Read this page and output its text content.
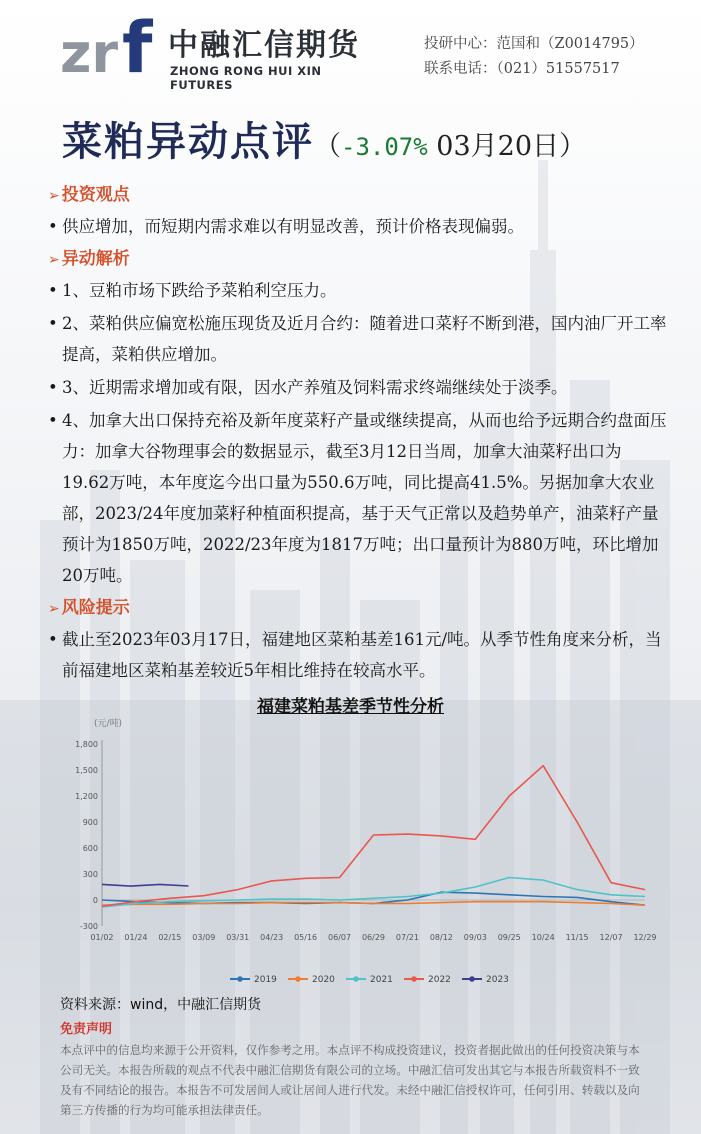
zr f 中融汇信期货
ZHONG RONG HUI XIN FUTURES
投研中心：范国和（Z0014795）
联系电话：（021）51557517
菜粕异动点评（-3.07% 03月20日）
➢ 投资观点
• 供应增加，而短期内需求难以有明显改善，预计价格表现偏弱。
➢ 异动解析
• 1、豆粕市场下跌给予菜粕利空压力。
• 2、菜粕供应偏宽松施压现货及近月合约：随着进口菜籽不断到港，国内油厂开工率提高，菜粕供应增加。
• 3、近期需求增加或有限，因水产养殖及饲料需求终端继续处于淡季。
• 4、加拿大出口保持充裕及新年度菜籽产量或继续提高，从而也给予远期合约盘面压力：加拿大谷物理事会的数据显示，截至3月12日当周，加拿大油菜籽出口为19.62万吨，本年度迄今出口量为550.6万吨，同比提高41.5%。另据加拿大农业部，2023/24年度加菜籽种植面积提高，基于天气正常以及趋势单产，油菜籽产量预计为1850万吨，2022/23年度为1817万吨；出口量预计为880万吨，环比增加20万吨。
➢ 风险提示
• 截止至2023年03月17日，福建地区菜粕基差161元/吨。从季节性角度来分析，当前福建地区菜粕基差较近5年相比维持在较高水平。
福建菜粕基差季节性分析
(元/吨)
1,800
1,500
1,200
900
600
300
0
-300
01/02 01/24 02/15 03/09 03/31 04/23 05/16 06/07 06/29 07/21 08/12 09/03 09/25 10/24 11/15 12/07 12/29
2019	2020	2021	2022	2023
资料来源：wind，中融汇信期货
免责声明
本点评中的信息均来源于公开资料，仅作参考之用。本点评不构成投资建议，投资者据此做出的任何投资决策与本公司无关。本报告所载的观点不代表中融汇信期货有限公司的立场。中融汇信可发出其它与本报告所载资料不一致及有不同结论的报告。本报告不可发居间人或让居间人进行代发。未经中融汇信授权许可，任何引用、转载以及向第三方传播的行为均可能承担法律责任。
